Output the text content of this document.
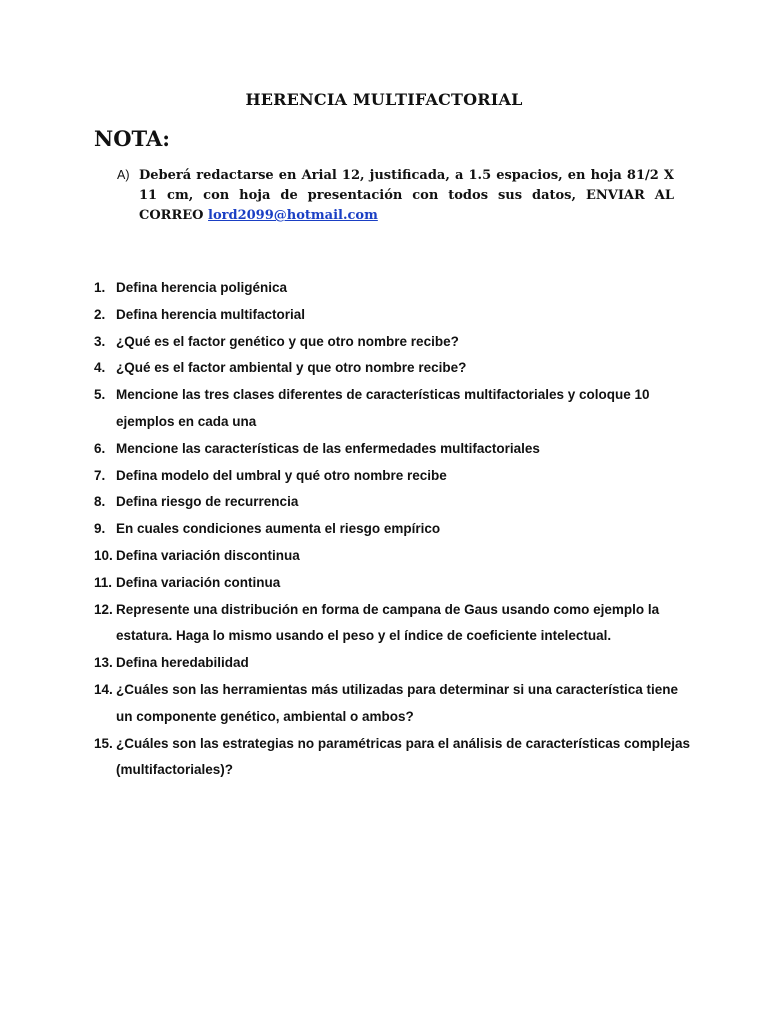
HERENCIA MULTIFACTORIAL
NOTA:
A) Deberá redactarse en Arial 12, justificada, a 1.5 espacios, en hoja 81/2 X 11 cm, con hoja de presentación con todos sus datos, ENVIAR AL CORREO lord2099@hotmail.com
1. Defina herencia poligénica
2. Defina herencia multifactorial
3. ¿Qué es el factor genético y que otro nombre recibe?
4. ¿Qué es el factor ambiental y que otro nombre recibe?
5. Mencione las tres clases diferentes de características multifactoriales y coloque 10 ejemplos en cada una
6. Mencione las características de las enfermedades multifactoriales
7. Defina modelo del umbral y qué otro nombre recibe
8. Defina riesgo de recurrencia
9. En cuales condiciones aumenta el riesgo empírico
10. Defina variación discontinua
11. Defina variación continua
12. Represente una distribución en forma de campana de Gaus usando como ejemplo la estatura. Haga lo mismo usando el peso y el índice de coeficiente intelectual.
13. Defina heredabilidad
14. ¿Cuáles son las herramientas más utilizadas para determinar si una característica tiene un componente genético, ambiental o ambos?
15. ¿Cuáles son las estrategias no paramétricas para el análisis de características complejas (multifactoriales)?
